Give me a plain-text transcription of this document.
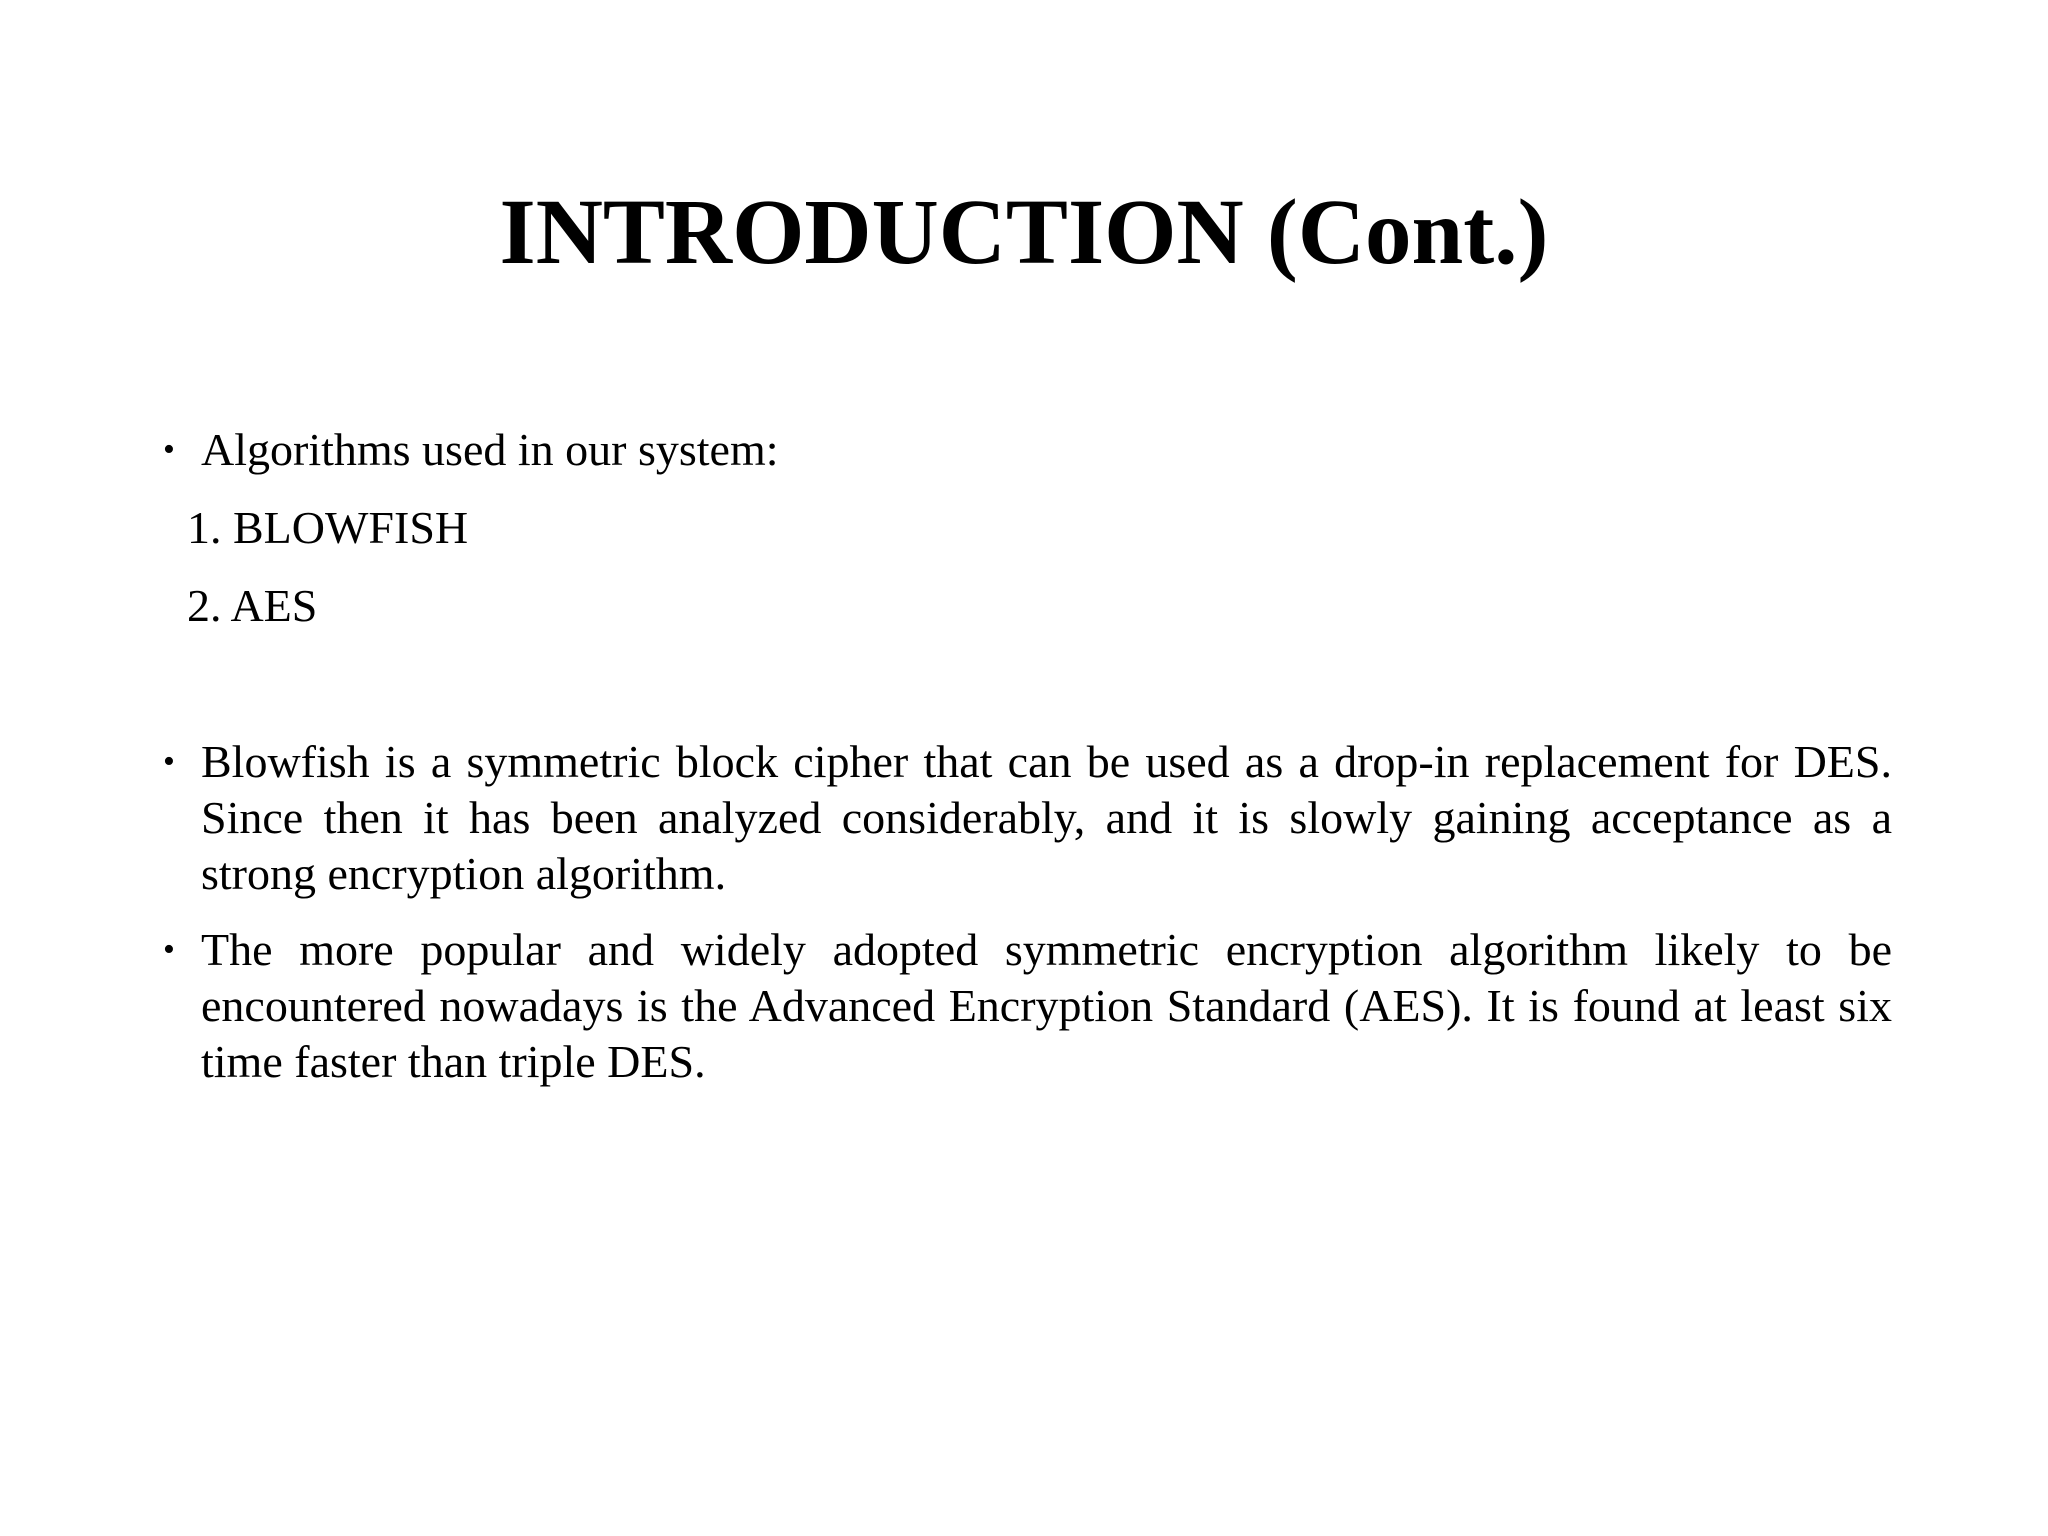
INTRODUCTION (Cont.)
• Algorithms used in our system:

1. BLOWFISH

2. AES

• Blowfish is a symmetric block cipher that can be used as a drop-in replacement for DES. Since then it has been analyzed considerably, and it is slowly gaining acceptance as a strong encryption algorithm.

• The more popular and widely adopted symmetric encryption algorithm likely to be encountered nowadays is the Advanced Encryption Standard (AES). It is found at least six time faster than triple DES.
